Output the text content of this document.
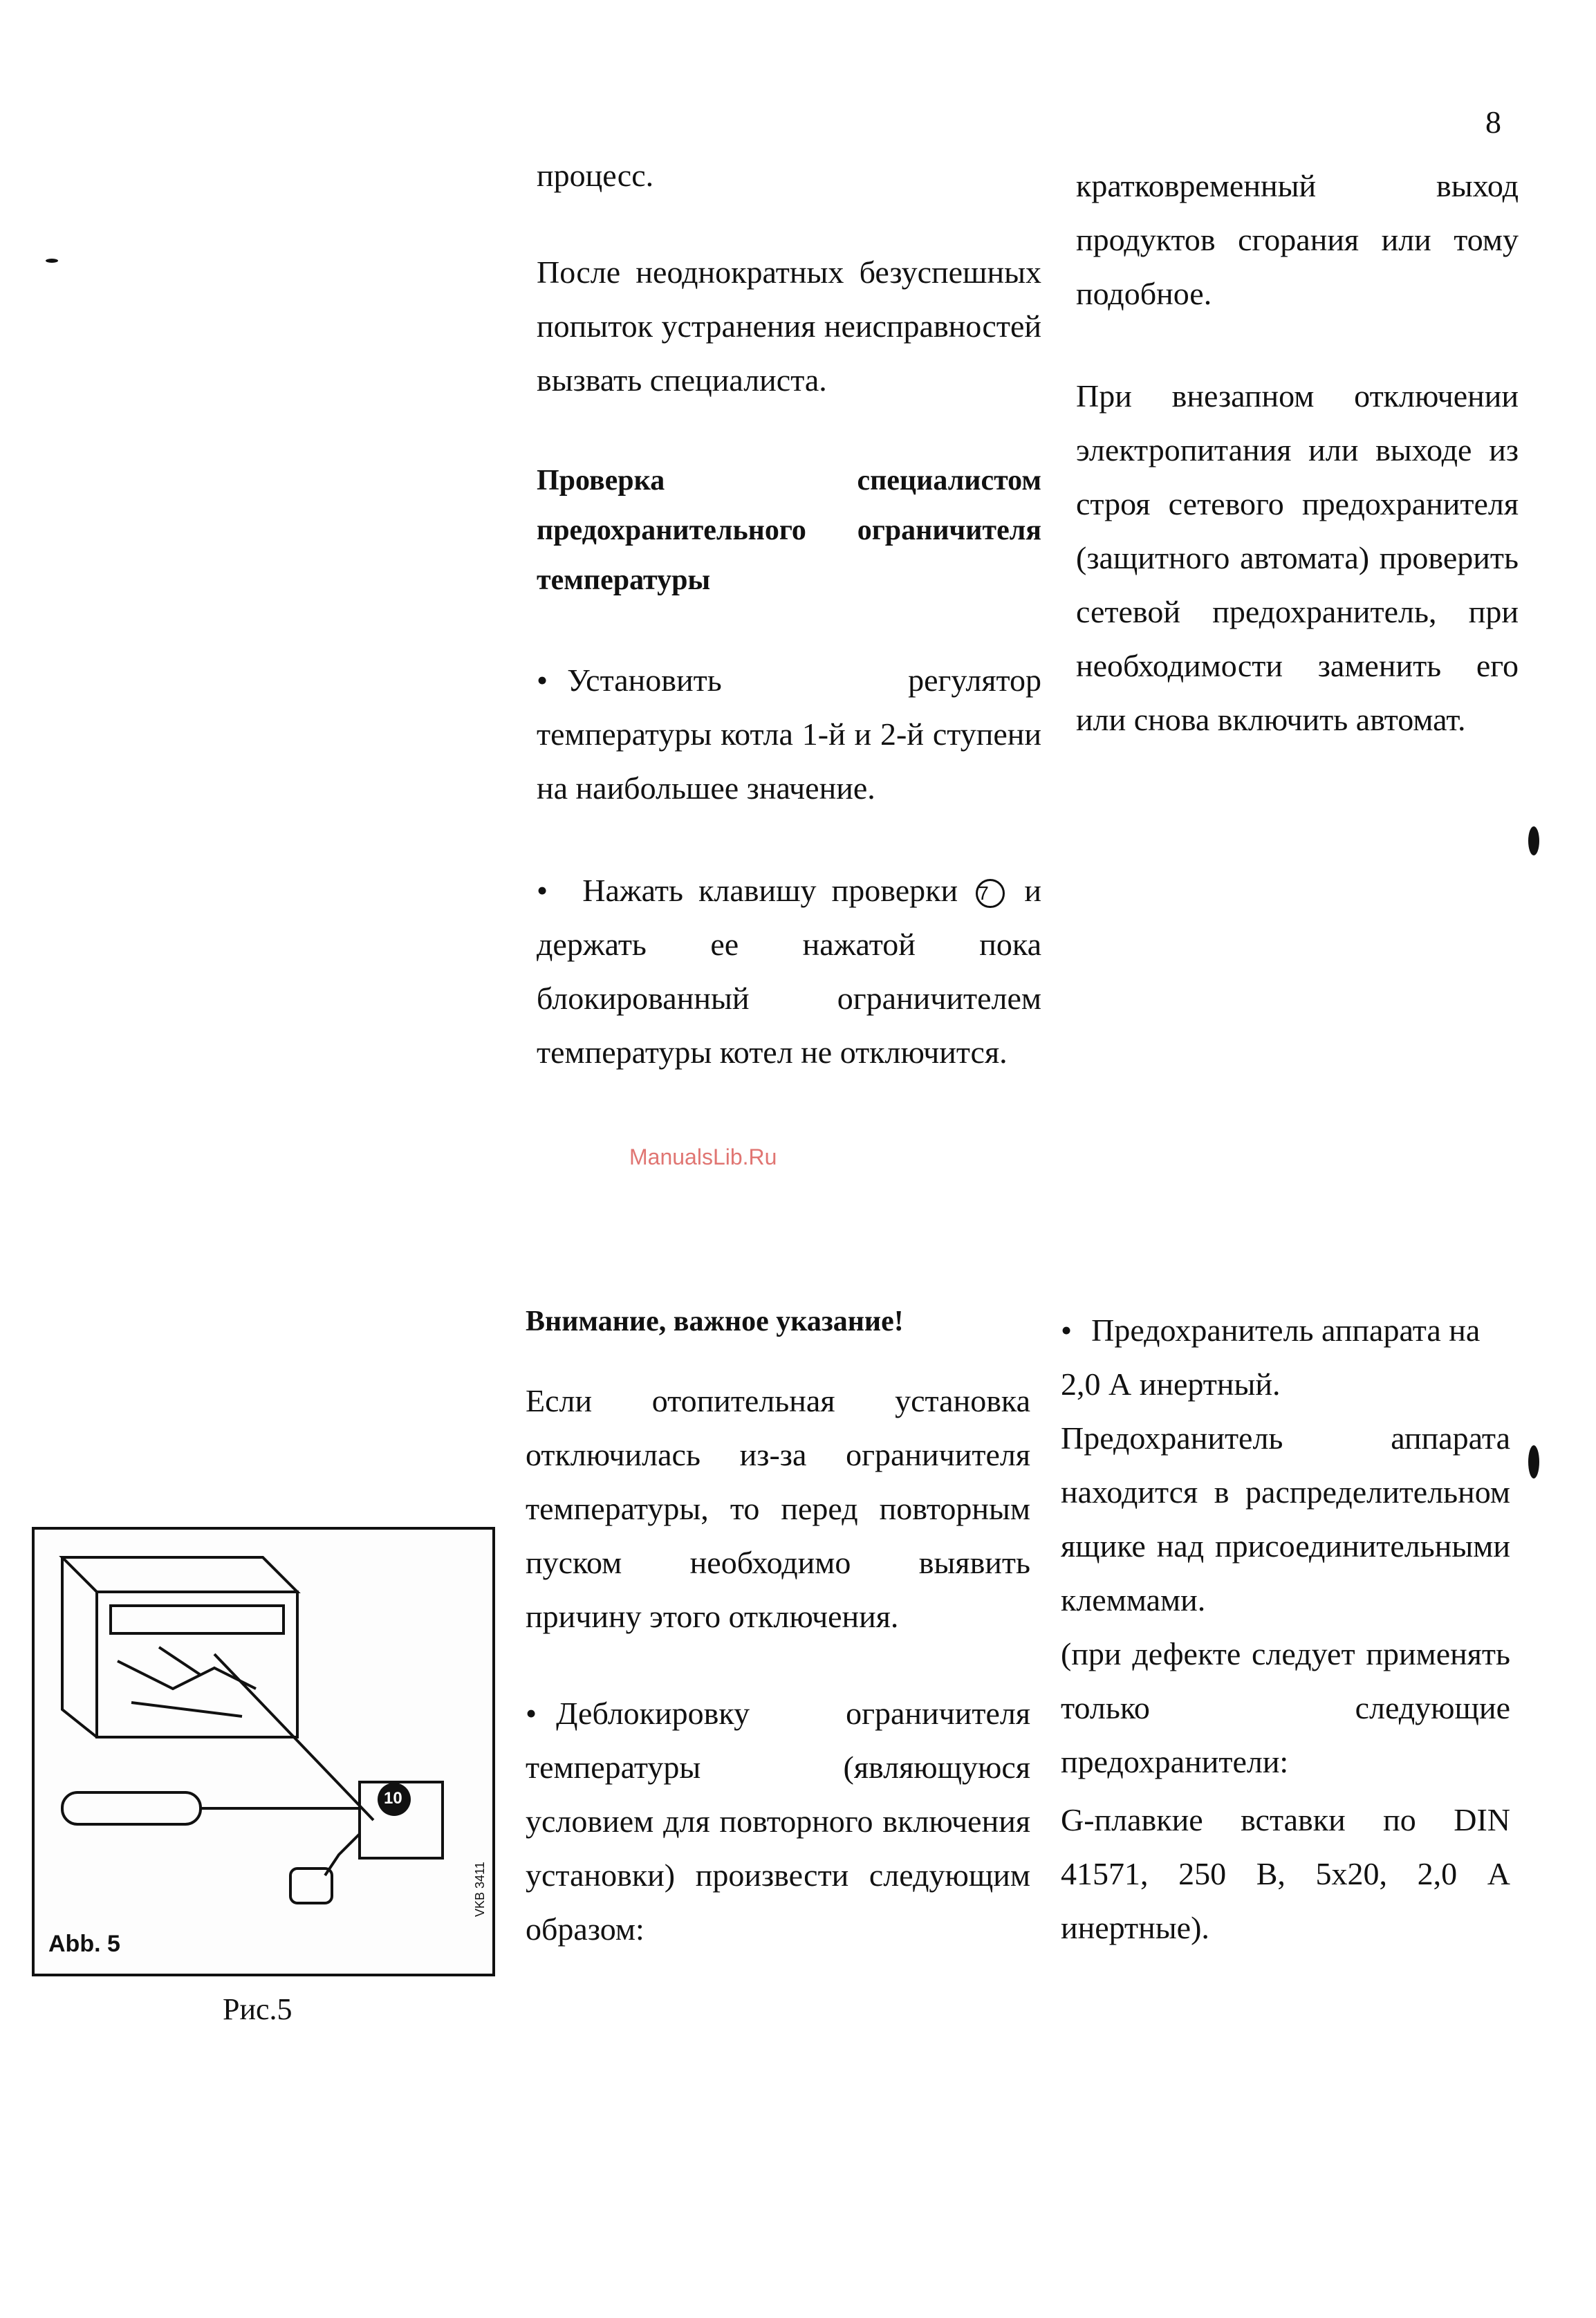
8

процесс.

После неоднократных безуспешных попыток устранения неисправностей вызвать специалиста.

Проверка специалистом предохранительного ограничителя температуры

• Установить регулятор температуры котла 1-й и 2-й ступени на наибольшее значение.

• Нажать клавишу проверки 7 и держать ее нажатой пока блокированный ограничителем температуры котел не отключится.

кратковременный выход продуктов сгорания или тому подобное.

При внезапном отключении электропитания или выходе из строя сетевого предохранителя (защитного автомата) проверить сетевой предохранитель, при необходимости заменить его или снова включить автомат.

ManualsLib.Ru

Внимание, важное указание!

Если отопительная установка отключилась из-за ограничителя температуры, то перед повторным пуском необходимо выявить причину этого отключения.

• Деблокировку ограничителя температуры (являющуюся условием для повторного включения установки) произвести следующим образом:

• Предохранитель аппарата на 2,0 А инертный.

Предохранитель аппарата находится в распределительном ящике над присоединительными клеммами.

(при дефекте следует применять только следующие предохранители:

G-плавкие вставки по DIN 41571, 250 В, 5х20, 2,0 А инертные).

10
Abb. 5
VKB 3411
Рис.5
